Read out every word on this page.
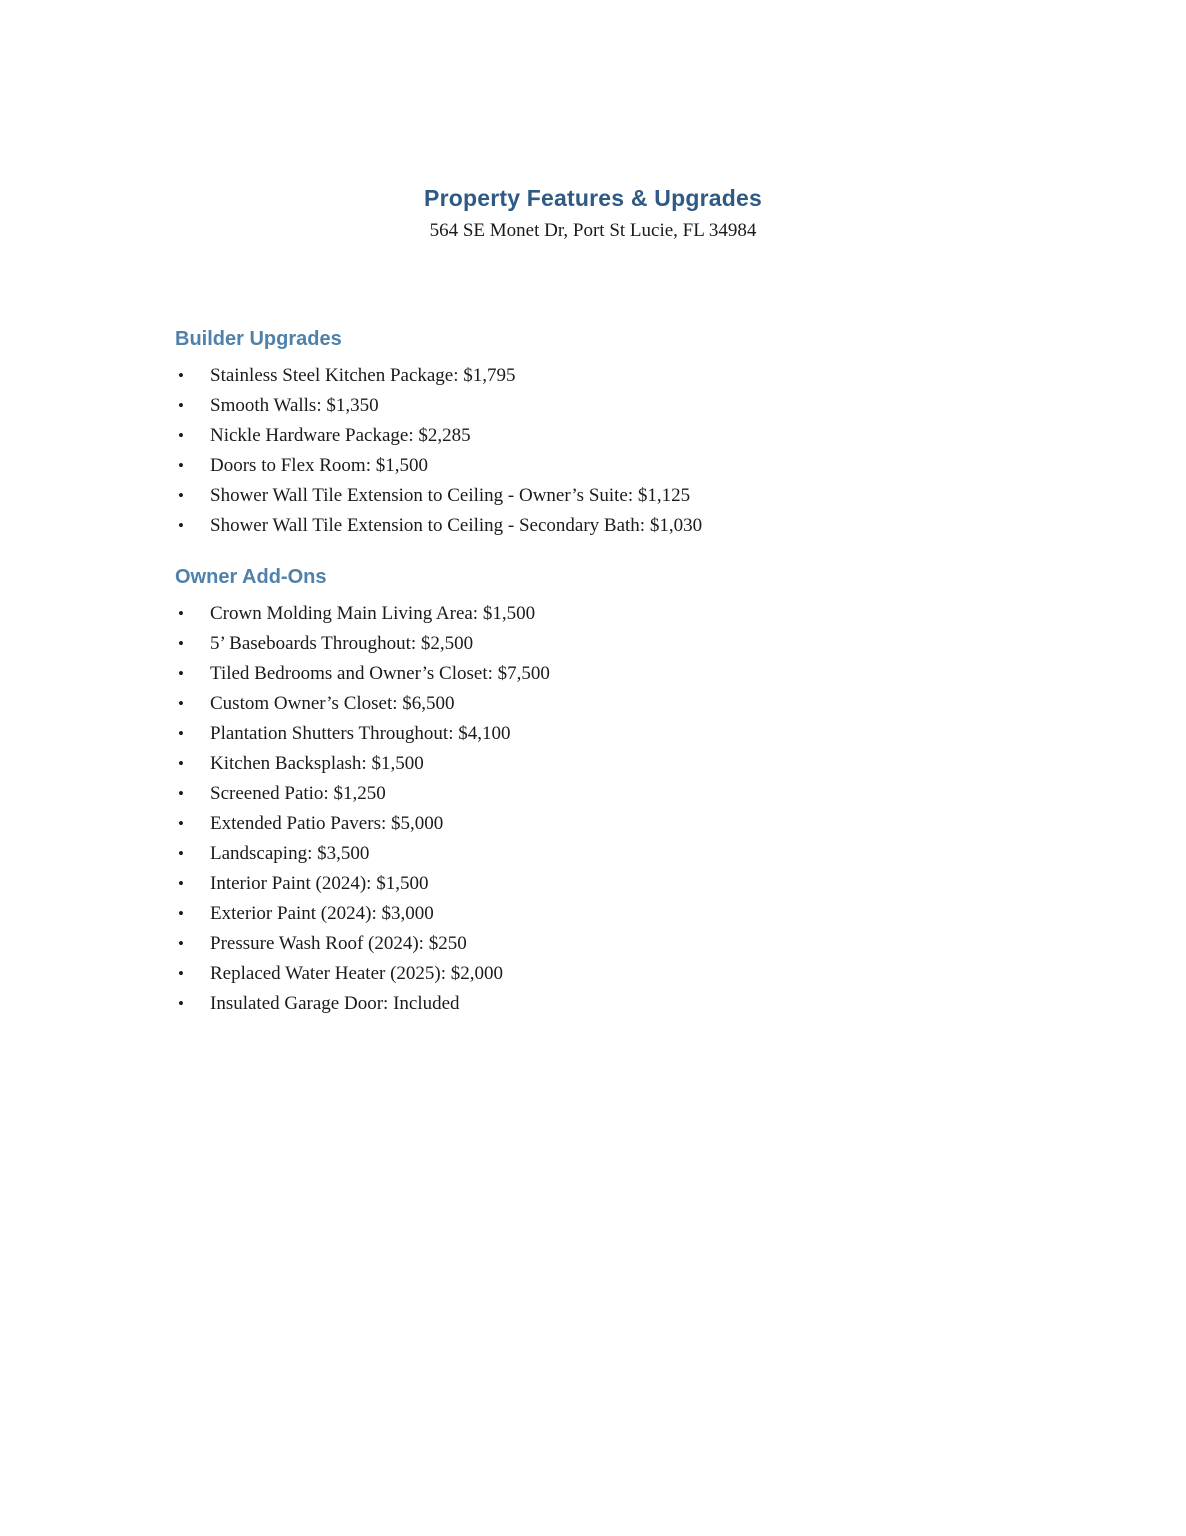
Property Features & Upgrades

564 SE Monet Dr, Port St Lucie, FL 34984

Builder Upgrades
•	Stainless Steel Kitchen Package: $1,795
•	Smooth Walls: $1,350
•	Nickle Hardware Package: $2,285
•	Doors to Flex Room: $1,500
•	Shower Wall Tile Extension to Ceiling - Owner’s Suite: $1,125
•	Shower Wall Tile Extension to Ceiling - Secondary Bath: $1,030
Owner Add-Ons
•	Crown Molding Main Living Area: $1,500
•	5’ Baseboards Throughout: $2,500
•	Tiled Bedrooms and Owner’s Closet: $7,500
•	Custom Owner’s Closet: $6,500
•	Plantation Shutters Throughout: $4,100
•	Kitchen Backsplash: $1,500
•	Screened Patio: $1,250
•	Extended Patio Pavers: $5,000
•	Landscaping: $3,500
•	Interior Paint (2024): $1,500
•	Exterior Paint (2024): $3,000
•	Pressure Wash Roof (2024): $250
•	Replaced Water Heater (2025): $2,000
•	Insulated Garage Door: Included
